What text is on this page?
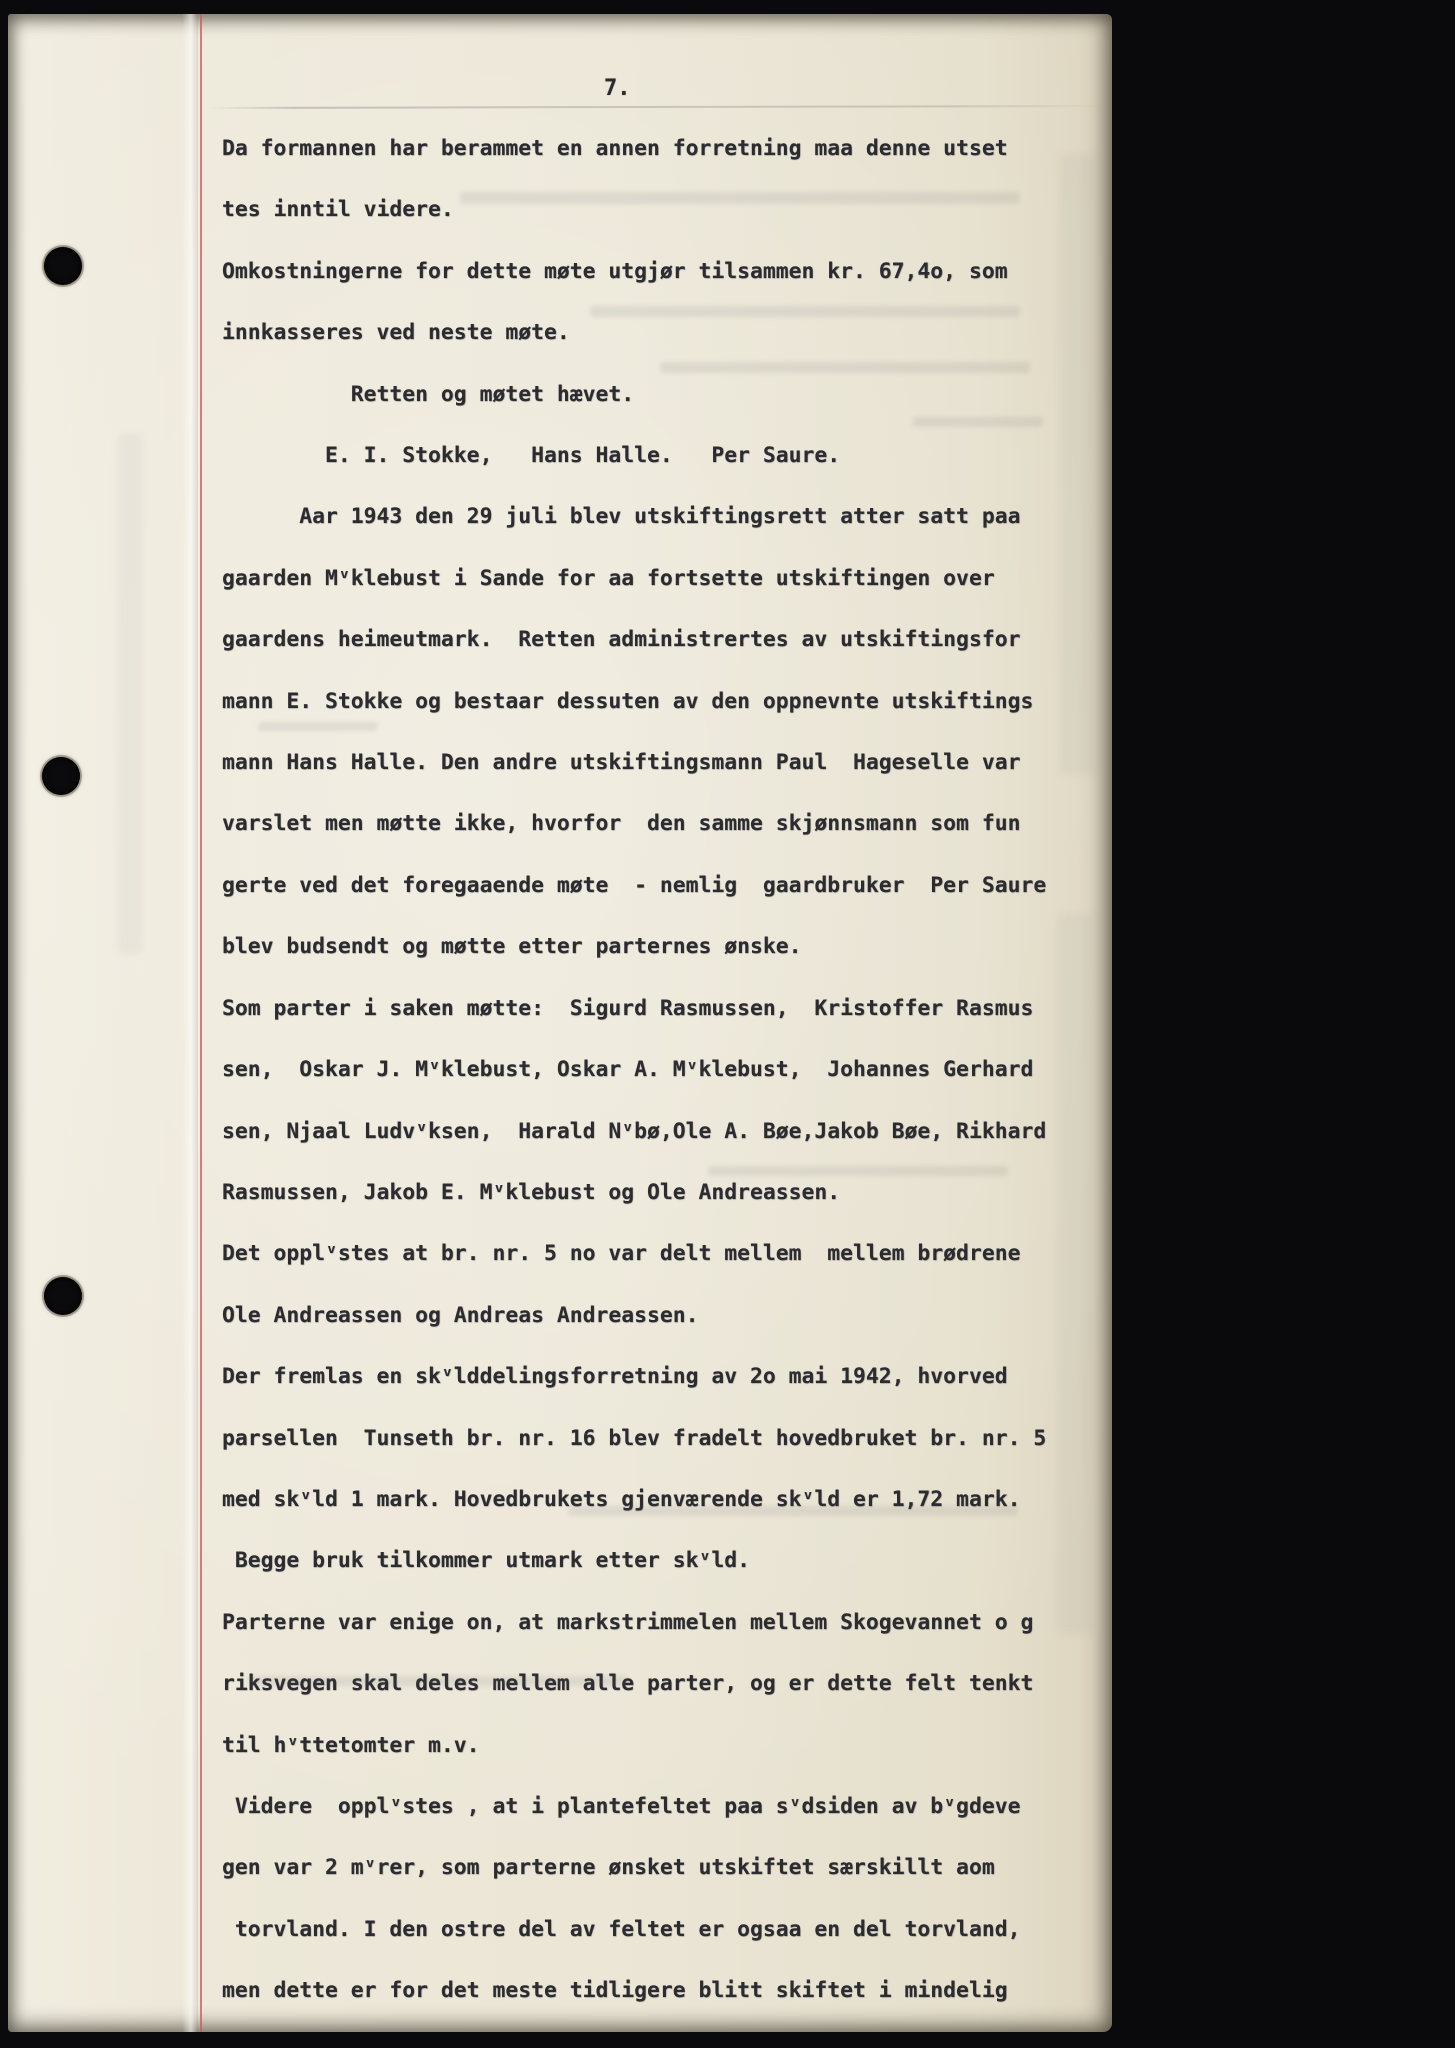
7.
Da formannen har berammet en annen forretning maa denne utset
tes inntil videre.
Omkostningerne for dette møte utgjør tilsammen kr. 67,4o, som
innkasseres ved neste møte.
Retten og møtet hævet.
E. I. Stokke,   Hans Halle.   Per Saure.
Aar 1943 den 29 juli blev utskiftingsrett atter satt paa
gaarden Mᵛklebust i Sande for aa fortsette utskiftingen over
gaardens heimeutmark.  Retten administrertes av utskiftingsfor
mann E. Stokke og bestaar dessuten av den oppnevnte utskiftings
mann Hans Halle. Den andre utskiftingsmann Paul  Hageselle var
varslet men møtte ikke, hvorfor  den samme skjønnsmann som fun
gerte ved det foregaaende møte  - nemlig  gaardbruker  Per Saure
blev budsendt og møtte etter parternes ønske.
Som parter i saken møtte:  Sigurd Rasmussen,  Kristoffer Rasmus
sen,  Oskar J. Mᵛklebust, Oskar A. Mᵛklebust,  Johannes Gerhard
sen, Njaal Ludvᵛksen,  Harald Nᵛbø,Ole A. Bøe,Jakob Bøe, Rikhard
Rasmussen, Jakob E. Mᵛklebust og Ole Andreassen.
Det opplᵛstes at br. nr. 5 no var delt mellem  mellem brødrene
Ole Andreassen og Andreas Andreassen.
Der fremlas en skᵛlddelingsforretning av 2o mai 1942, hvorved
parsellen  Tunseth br. nr. 16 blev fradelt hovedbruket br. nr. 5
med skᵛld 1 mark. Hovedbrukets gjenværende skᵛld er 1,72 mark.
Begge bruk tilkommer utmark etter skᵛld.
Parterne var enige on, at markstrimmelen mellem Skogevannet o g
riksvegen skal deles mellem alle parter, og er dette felt tenkt
til hᵛttetomter m.v.
Videre  opplᵛstes , at i plantefeltet paa sᵛdsiden av bᵛgdeve
gen var 2 mᵛrer, som parterne ønsket utskiftet særskillt aom
torvland. I den ostre del av feltet er ogsaa en del torvland,
men dette er for det meste tidligere blitt skiftet i mindelig
